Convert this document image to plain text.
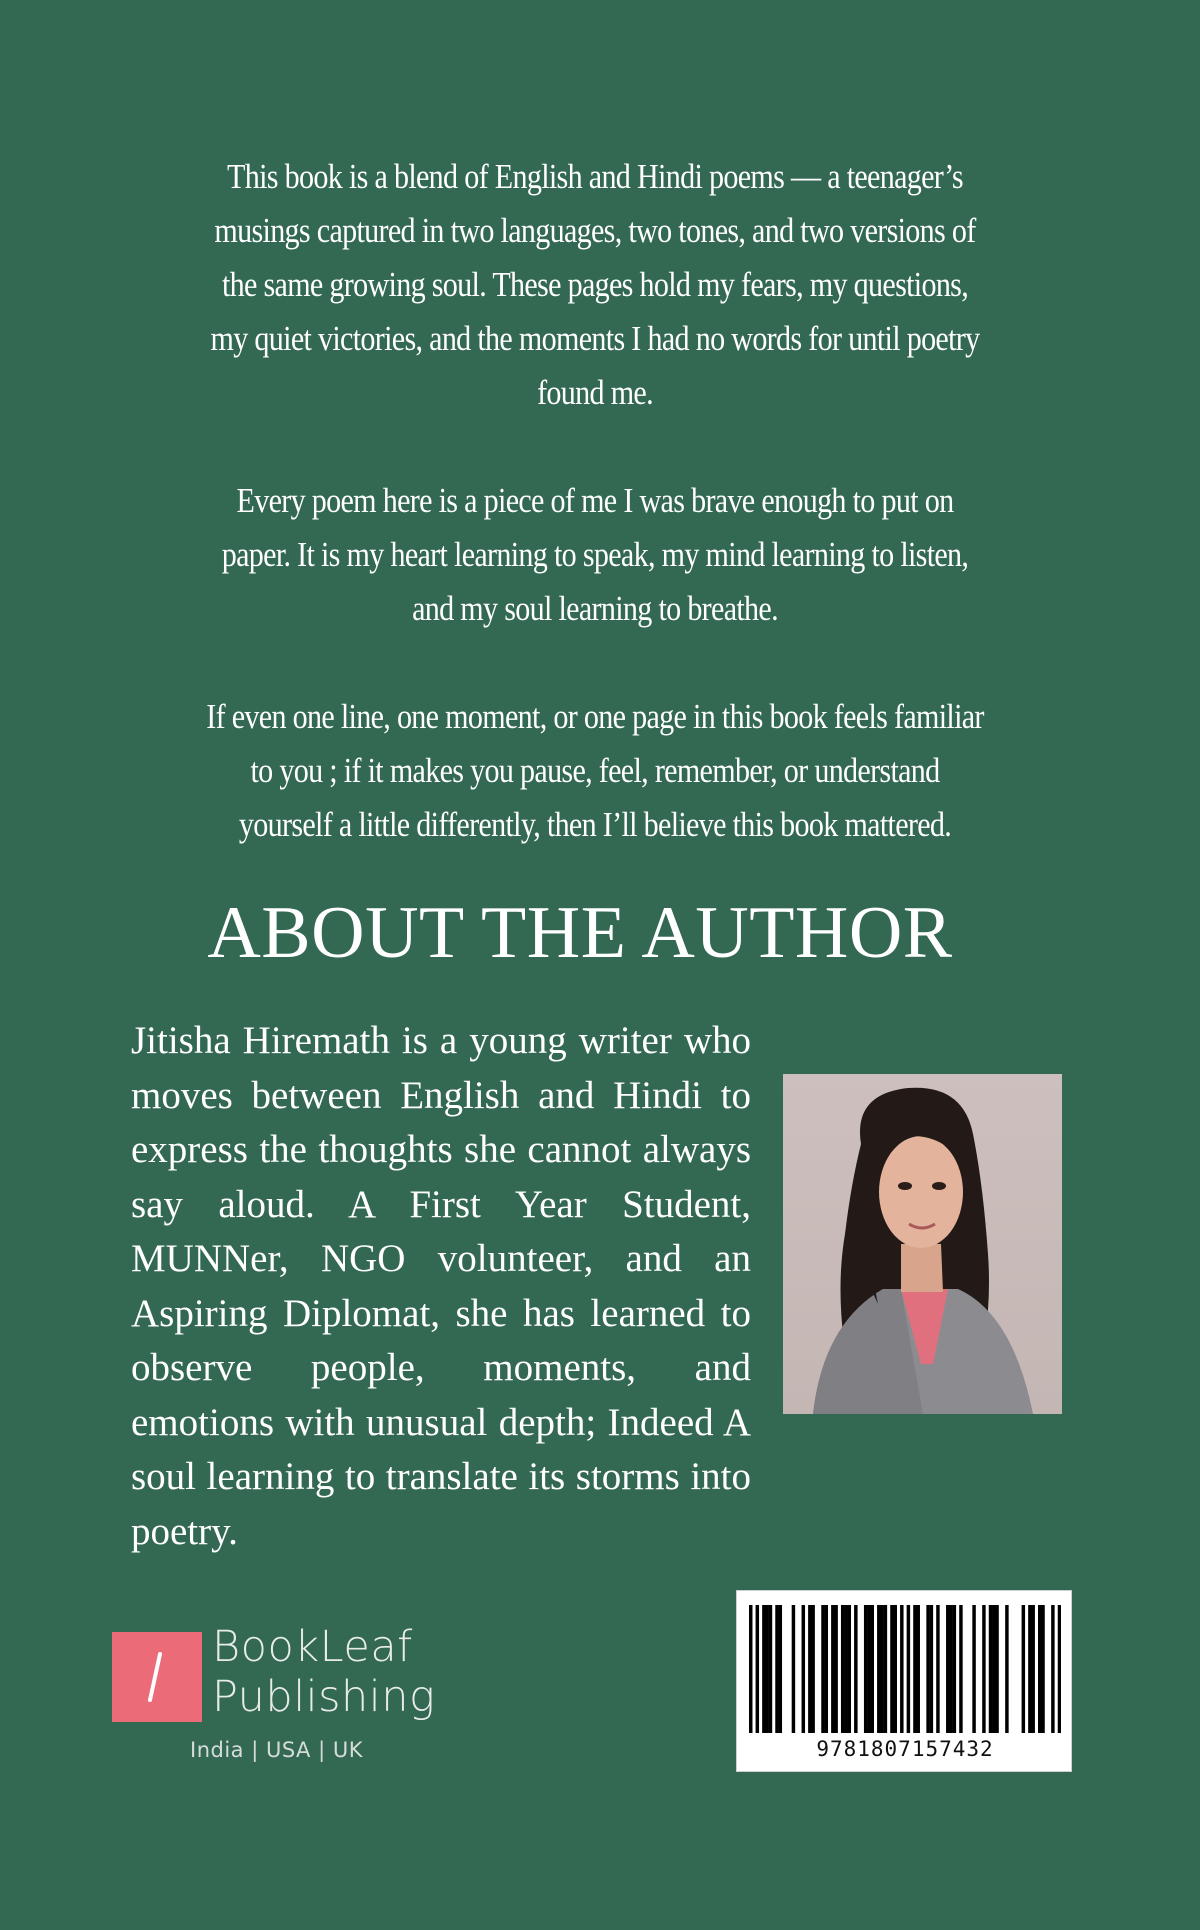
This book is a blend of English and Hindi poems — a teenager’s musings captured in two languages, two tones, and two versions of the same growing soul. These pages hold my fears, my questions, my quiet victories, and the moments I had no words for until poetry found me.

Every poem here is a piece of me I was brave enough to put on paper. It is my heart learning to speak, my mind learning to listen, and my soul learning to breathe.

If even one line, one moment, or one page in this book feels familiar to you ; if it makes you pause, feel, remember, or understand yourself a little differently, then I’ll believe this book mattered.

ABOUT THE AUTHOR
Jitisha Hiremath is a young writer who moves between English and Hindi to express the thoughts she cannot always say aloud. A First Year Student, MUNNer, NGO volunteer, and an Aspiring Diplomat, she has learned to observe people, moments, and emotions with unusual depth; Indeed A soul learning to translate its storms into poetry.
BookLeaf
Publishing
India | USA | UK	9781807157432
